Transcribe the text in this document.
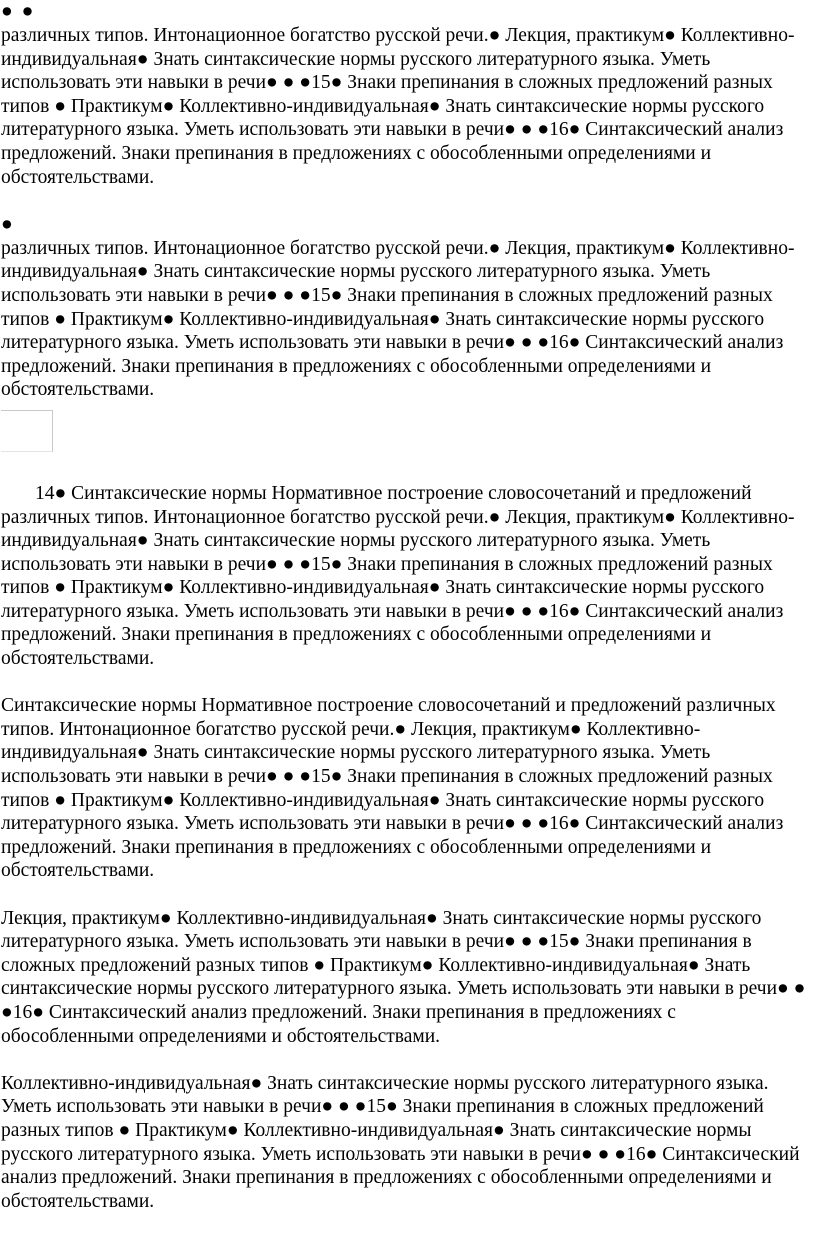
● ●

различных типов. Интонационное богатство русской речи.● Лекция, практикум● Коллективно-индивидуальная● Знать синтаксические нормы русского литературного языка. Уметь использовать эти навыки в речи● ● ●15● Знаки препинания в сложных предложений разных типов ● Практикум● Коллективно-индивидуальная● Знать синтаксические нормы русского литературного языка. Уметь использовать эти навыки в речи● ● ●16● Синтаксический анализ предложений. Знаки препинания в предложениях с обособленными определениями и обстоятельствами.

●

различных типов. Интонационное богатство русской речи.● Лекция, практикум● Коллективно-индивидуальная● Знать синтаксические нормы русского литературного языка. Уметь использовать эти навыки в речи● ● ●15● Знаки препинания в сложных предложений разных типов ● Практикум● Коллективно-индивидуальная● Знать синтаксические нормы русского литературного языка. Уметь использовать эти навыки в речи● ● ●16● Синтаксический анализ предложений. Знаки препинания в предложениях с обособленными определениями и обстоятельствами.

14● Синтаксические нормы Нормативное построение словосочетаний и предложений различных типов. Интонационное богатство русской речи.● Лекция, практикум● Коллективно-индивидуальная● Знать синтаксические нормы русского литературного языка. Уметь использовать эти навыки в речи● ● ●15● Знаки препинания в сложных предложений разных типов ● Практикум● Коллективно-индивидуальная● Знать синтаксические нормы русского литературного языка. Уметь использовать эти навыки в речи● ● ●16● Синтаксический анализ предложений. Знаки препинания в предложениях с обособленными определениями и обстоятельствами.

Синтаксические нормы Нормативное построение словосочетаний и предложений различных типов. Интонационное богатство русской речи.● Лекция, практикум● Коллективно-индивидуальная● Знать синтаксические нормы русского литературного языка. Уметь использовать эти навыки в речи● ● ●15● Знаки препинания в сложных предложений разных типов ● Практикум● Коллективно-индивидуальная● Знать синтаксические нормы русского литературного языка. Уметь использовать эти навыки в речи● ● ●16● Синтаксический анализ предложений. Знаки препинания в предложениях с обособленными определениями и обстоятельствами.

Лекция, практикум● Коллективно-индивидуальная● Знать синтаксические нормы русского литературного языка. Уметь использовать эти навыки в речи● ● ●15● Знаки препинания в сложных предложений разных типов ● Практикум● Коллективно-индивидуальная● Знать синтаксические нормы русского литературного языка. Уметь использовать эти навыки в речи● ● ●16● Синтаксический анализ предложений. Знаки препинания в предложениях с обособленными определениями и обстоятельствами.

Коллективно-индивидуальная● Знать синтаксические нормы русского литературного языка. Уметь использовать эти навыки в речи● ● ●15● Знаки препинания в сложных предложений разных типов ● Практикум● Коллективно-индивидуальная● Знать синтаксические нормы русского литературного языка. Уметь использовать эти навыки в речи● ● ●16● Синтаксический анализ предложений. Знаки препинания в предложениях с обособленными определениями и обстоятельствами.
